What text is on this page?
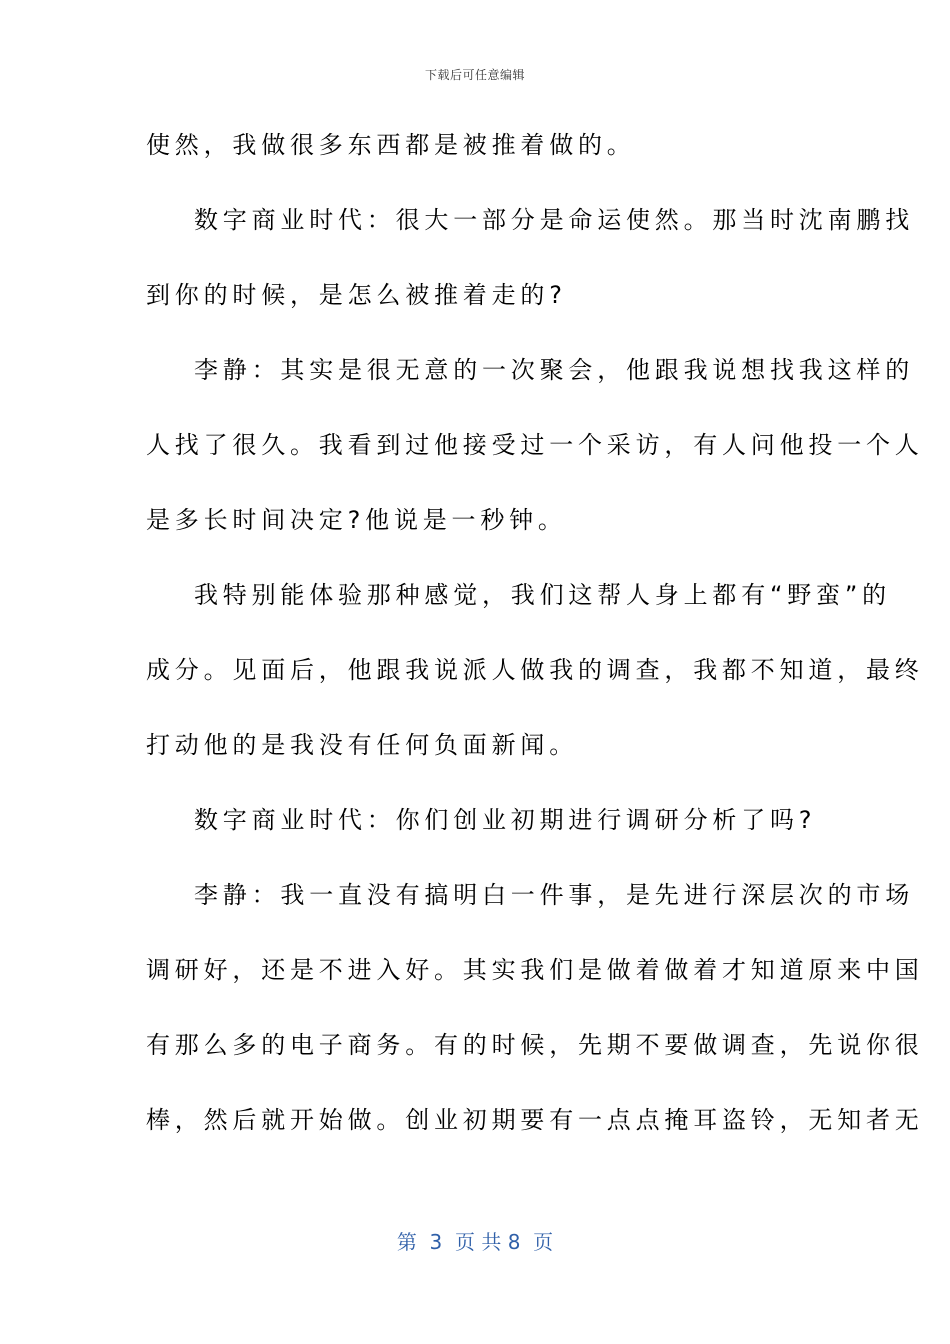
下载后可任意编辑
使然，我做很多东西都是被推着做的。
数字商业时代：很大一部分是命运使然。那当时沈南鹏找
到你的时候，是怎么被推着走的?
李静：其实是很无意的一次聚会，他跟我说想找我这样的
人找了很久。我看到过他接受过一个采访，有人问他投一个人
是多长时间决定?他说是一秒钟。
我特别能体验那种感觉，我们这帮人身上都有“野蛮”的
成分。见面后，他跟我说派人做我的调查，我都不知道，最终
打动他的是我没有任何负面新闻。
数字商业时代：你们创业初期进行调研分析了吗?
李静：我一直没有搞明白一件事，是先进行深层次的市场
调研好，还是不进入好。其实我们是做着做着才知道原来中国
有那么多的电子商务。有的时候，先期不要做调查，先说你很
棒，然后就开始做。创业初期要有一点点掩耳盗铃，无知者无
第  3  页 共 8  页
